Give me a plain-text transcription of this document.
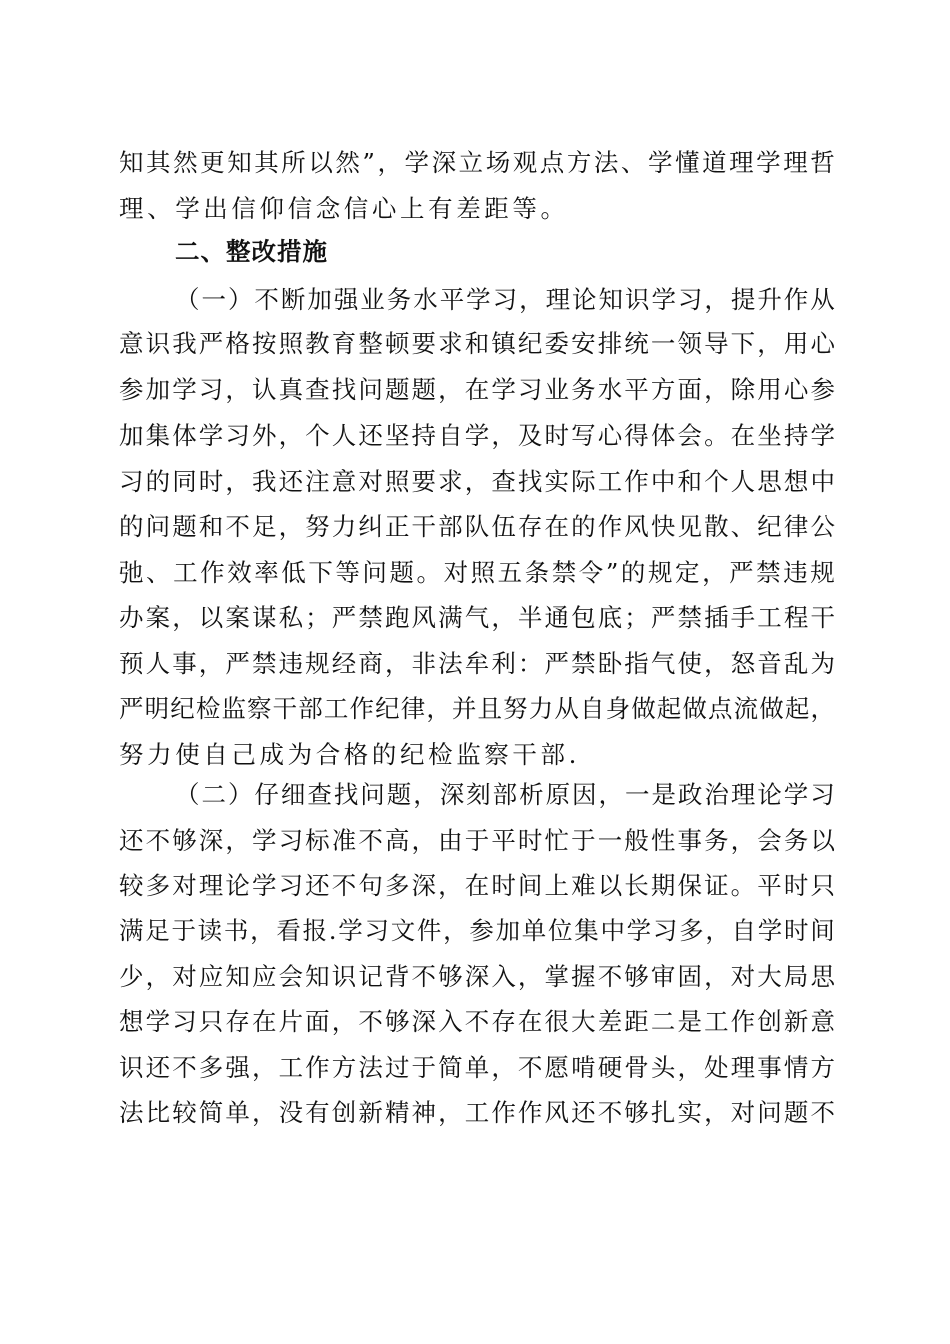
知 其 然 更 知 其 所 以 然 ” ， 学 深 立 场 观 点 方 法 、 学 懂 道 理 学 理 哲
理、学出信仰信念信心上有差距等。
二、整改措施
（ 一 ） 不 断 加 强 业 务 水 平 学 习 ， 理 论 知 识 学 习 ， 提 升 作 从
意 识 我 严 格 按 照 教 育 整 顿 要 求 和 镇 纪 委 安 排 统 一 领 导 下 ， 用 心
参 加 学 习 ， 认 真 查 找 问 题 题 ， 在 学 习 业 务 水 平 方 面 ， 除 用 心 参
加 集 体 学 习 外 ， 个 人 还 坚 持 自 学 ， 及 时 写 心 得 体 会 。 在 坐 持 学
习 的 同 时 ， 我 还 注 意 对 照 要 求 ， 查 找 实 际 工 作 中 和 个 人 思 想 中
的 问 题 和 不 足 ， 努 力 纠 正 干 部 队 伍 存 在 的 作 风 快 见 散 、 纪 律 公
弛 、 工 作 效 率 低 下 等 问 题 。 对 照 五 条 禁 令 ” 的 规 定 ， 严 禁 违 规
办 案 ， 以 案 谋 私 ； 严 禁 跑 风 满 气 ， 半 通 包 底 ； 严 禁 插 手 工 程 干
预 人 事 ， 严 禁 违 规 经 商 ， 非 法 牟 利 ： 严 禁 卧 指 气 使 ， 怒 音 乱 为
严 明 纪 检 监 察 干 部 工 作 纪 律 ， 并 且 努 力 从 自 身 做 起 做 点 流 做 起 ，
努力使自己成为合格的纪检监察干部.
（ 二 ） 仔 细 查 找 问 题 ， 深 刻 部 析 原 因 ， 一 是 政 治 理 论 学 习
还 不 够 深 ， 学 习 标 准 不 高 ， 由 于 平 时 忙 于 一 般 性 事 务 ， 会 务 以
较 多 对 理 论 学 习 还 不 句 多 深 ， 在 时 间 上 难 以 长 期 保 证 。 平 时 只
满 足 于 读 书 ， 看 报 . 学 习 文 件 ， 参 加 单 位 集 中 学 习 多 ， 自 学 时 间
少 ， 对 应 知 应 会 知 识 记 背 不 够 深 入 ， 掌 握 不 够 审 固 ， 对 大 局 思
想 学 习 只 存 在 片 面 ， 不 够 深 入 不 存 在 很 大 差 距 二 是 工 作 创 新 意
识 还 不 多 强 ， 工 作 方 法 过 于 简 单 ， 不 愿 啃 硬 骨 头 ， 处 理 事 情 方
法 比 较 简 单 ， 没 有 创 新 精 神 ， 工 作 作 风 还 不 够 扎 实 ， 对 问 题 不
